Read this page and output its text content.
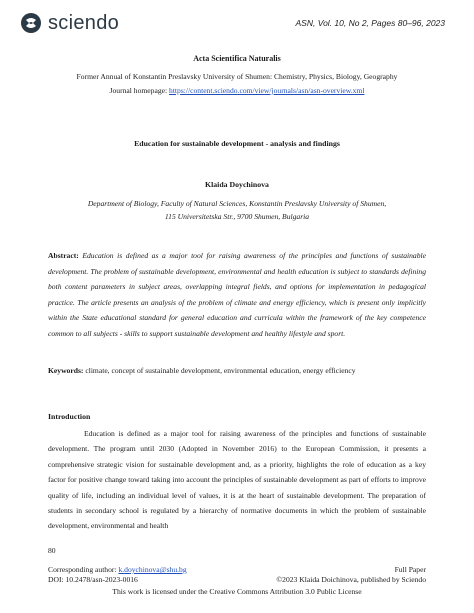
sciendo	ASN, Vol. 10, No 2, Pages 80–96, 2023
Acta Scientifica Naturalis
Former Annual of Konstantin Preslavsky University of Shumen: Chemistry, Physics, Biology, Geography
Journal homepage: https://content.sciendo.com/view/journals/asn/asn-overview.xml
Education for sustainable development - analysis and findings
Klaida Doychinova
Department of Biology, Faculty of Natural Sciences, Konstantin Preslavsky University of Shumen,
115 Universitetska Str., 9700 Shumen, Bulgaria
Abstract: Education is defined as a major tool for raising awareness of the principles and functions of sustainable development. The problem of sustainable development, environmental and health education is subject to standards defining both content parameters in subject areas, overlapping integral fields, and options for implementation in pedagogical practice. The article presents an analysis of the problem of climate and energy efficiency, which is present only implicitly within the State educational standard for general education and curricula within the framework of the key competence common to all subjects - skills to support sustainable development and healthy lifestyle and sport.
Keywords: climate, concept of sustainable development, environmental education, energy efficiency
Introduction
Education is defined as a major tool for raising awareness of the principles and functions of sustainable development. The program until 2030 (Adopted in November 2016) to the European Commission, it presents a comprehensive strategic vision for sustainable development and, as a priority, highlights the role of education as a key factor for positive change toward taking into account the principles of sustainable development as part of efforts to improve quality of life, including an individual level of values, it is at the heart of sustainable development. The preparation of students in secondary school is regulated by a hierarchy of normative documents in which the problem of sustainable development, environmental and health
80
Corresponding author: k.doychinova@shu.bg
DOI: 10.2478/asn-2023-0016
Full Paper
©2023 Klaida Doichinova, published by Sciendo
This work is licensed under the Creative Commons Attribution 3.0 Public License
